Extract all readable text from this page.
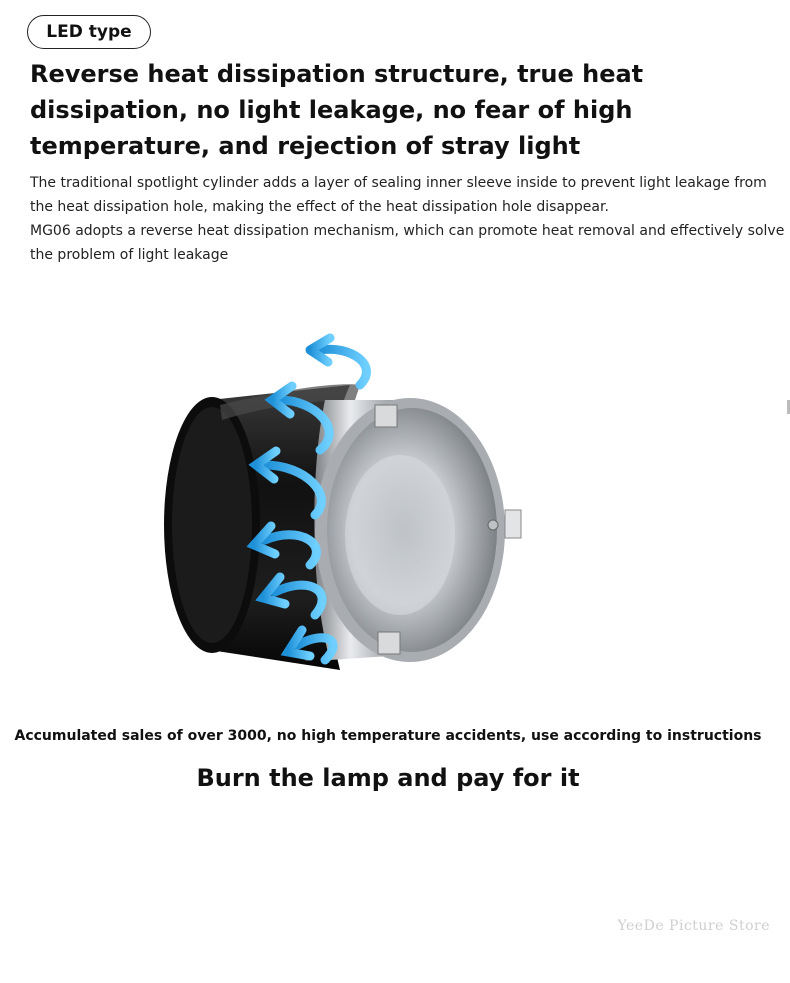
LED type
Reverse heat dissipation structure, true heat dissipation, no light leakage, no fear of high temperature, and rejection of stray light

The traditional spotlight cylinder adds a layer of sealing inner sleeve inside to prevent light leakage from the heat dissipation hole, making the effect of the heat dissipation hole disappear.

MG06 adopts a reverse heat dissipation mechanism, which can promote heat removal and effectively solve the problem of light leakage

Accumulated sales of over 3000, no high temperature accidents, use according to instructions
Burn the lamp and pay for it
YeeDe Picture Store
